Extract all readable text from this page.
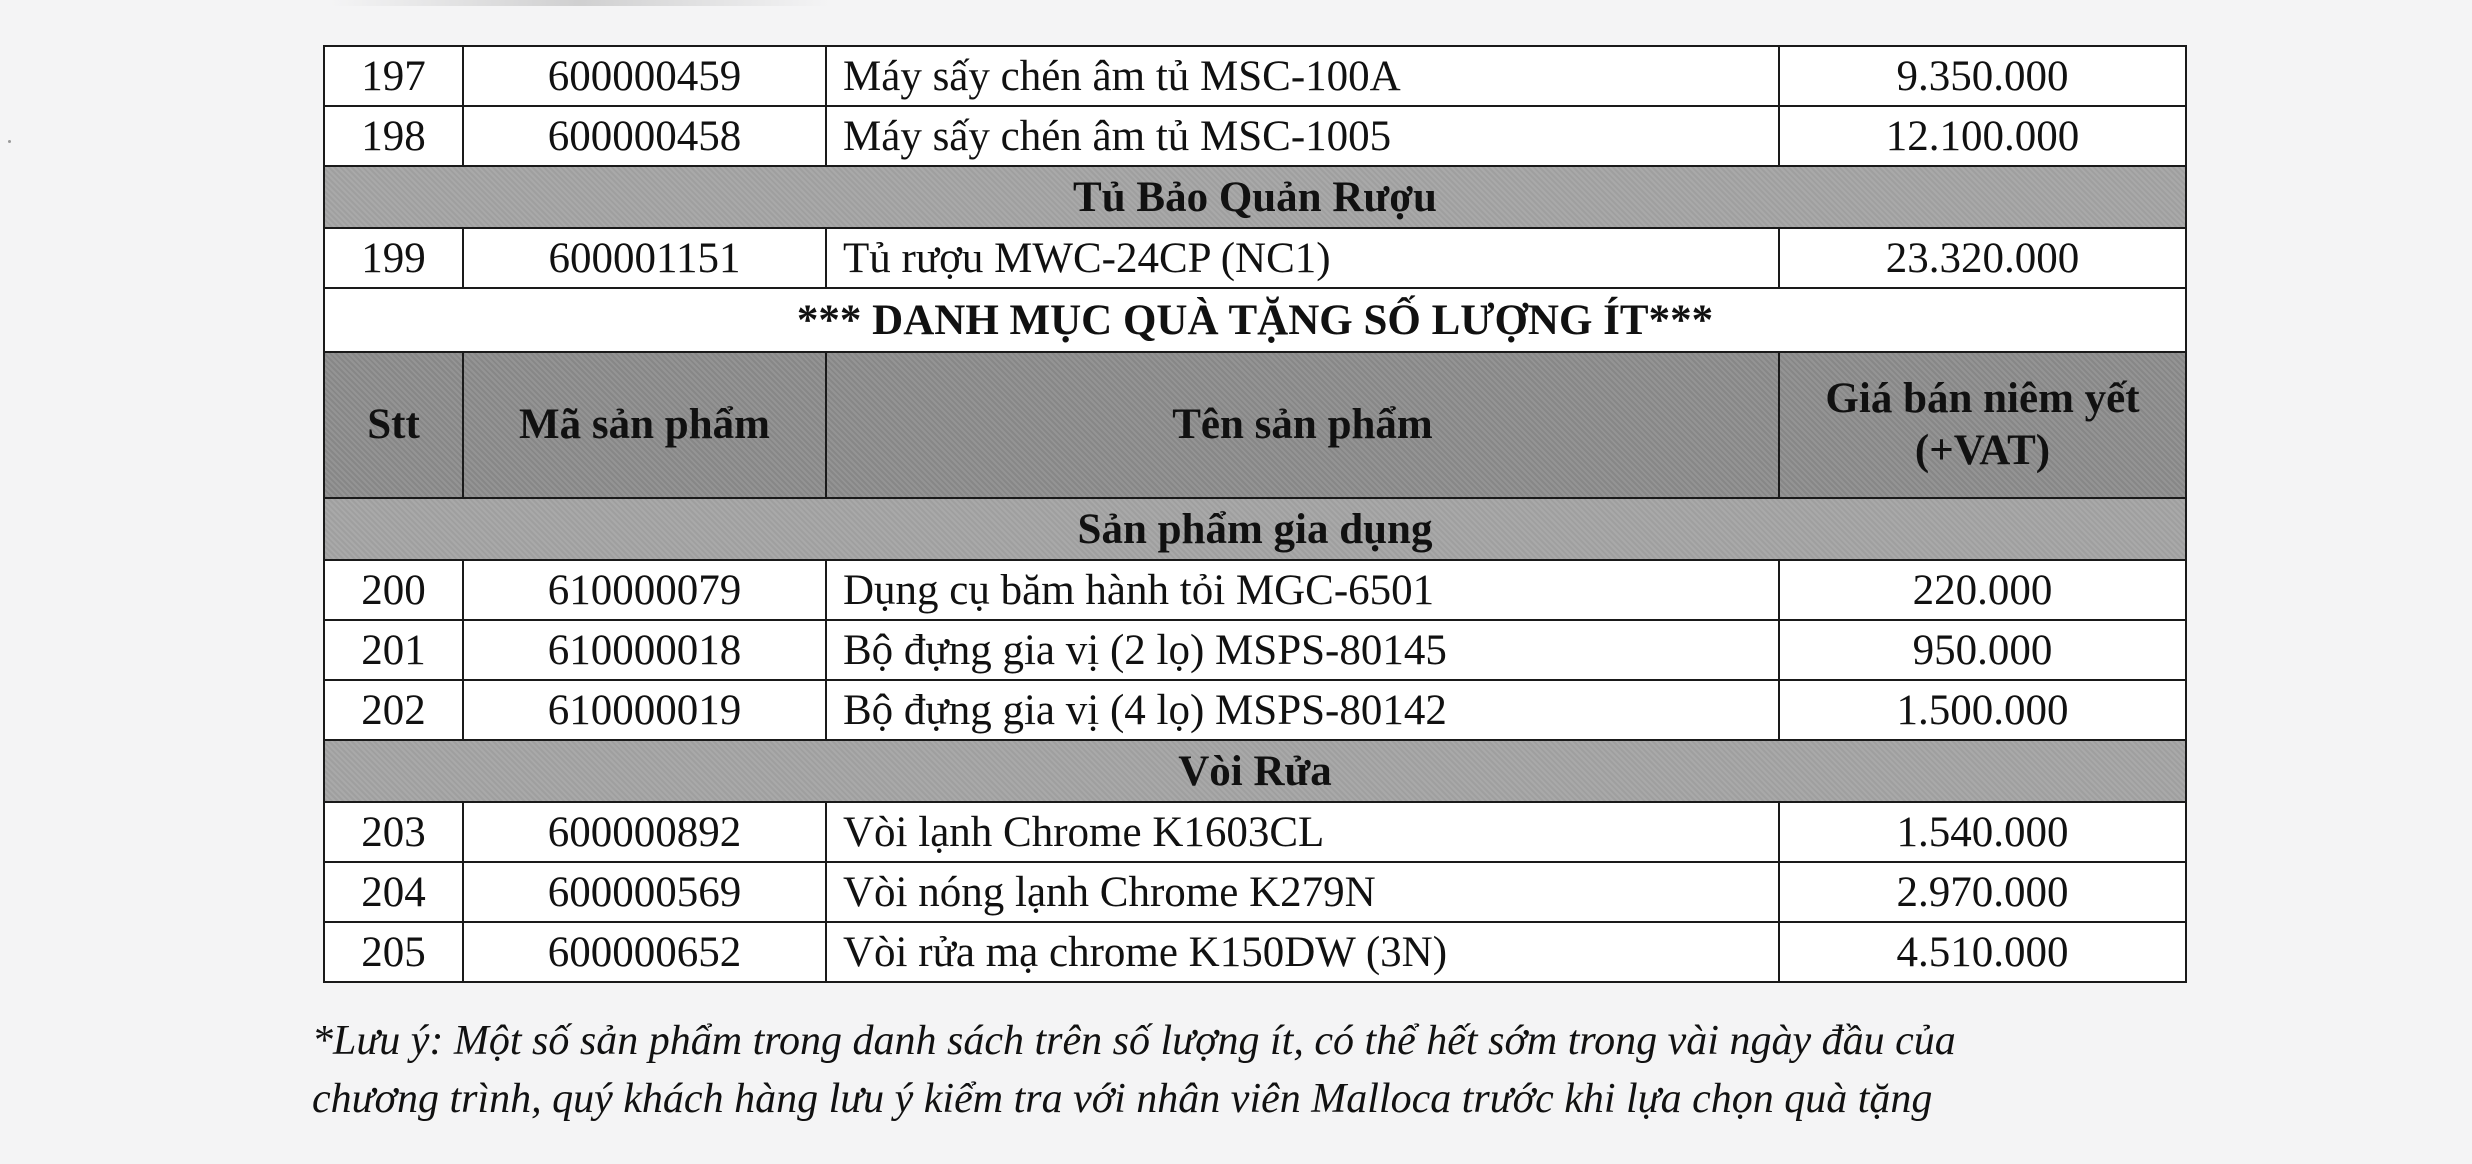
197	600000459	Máy sấy chén âm tủ MSC-100A	9.350.000
198	600000458	Máy sấy chén âm tủ MSC-1005	12.100.000
Tủ Bảo Quản Rượu			
199	600001151	Tủ rượu MWC-24CP (NC1)	23.320.000
*** DANH MỤC QUÀ TẶNG SỐ LƯỢNG ÍT***			
Stt	Mã sản phẩm	Tên sản phẩm	Giá bán niêm yết
(+VAT)
Sản phẩm gia dụng			
200	610000079	Dụng cụ băm hành tỏi MGC-6501	220.000
201	610000018	Bộ đựng gia vị (2 lọ) MSPS-80145	950.000
202	610000019	Bộ đựng gia vị (4 lọ) MSPS-80142	1.500.000
Vòi Rửa			
203	600000892	Vòi lạnh Chrome K1603CL	1.540.000
204	600000569	Vòi nóng lạnh Chrome K279N	2.970.000
205	600000652	Vòi rửa mạ chrome K150DW (3N)	4.510.000
*Lưu ý: Một số sản phẩm trong danh sách trên số lượng ít, có thể hết sớm trong vài ngày đầu của
chương trình, quý khách hàng lưu ý kiểm tra với nhân viên Malloca trước khi lựa chọn quà tặng
